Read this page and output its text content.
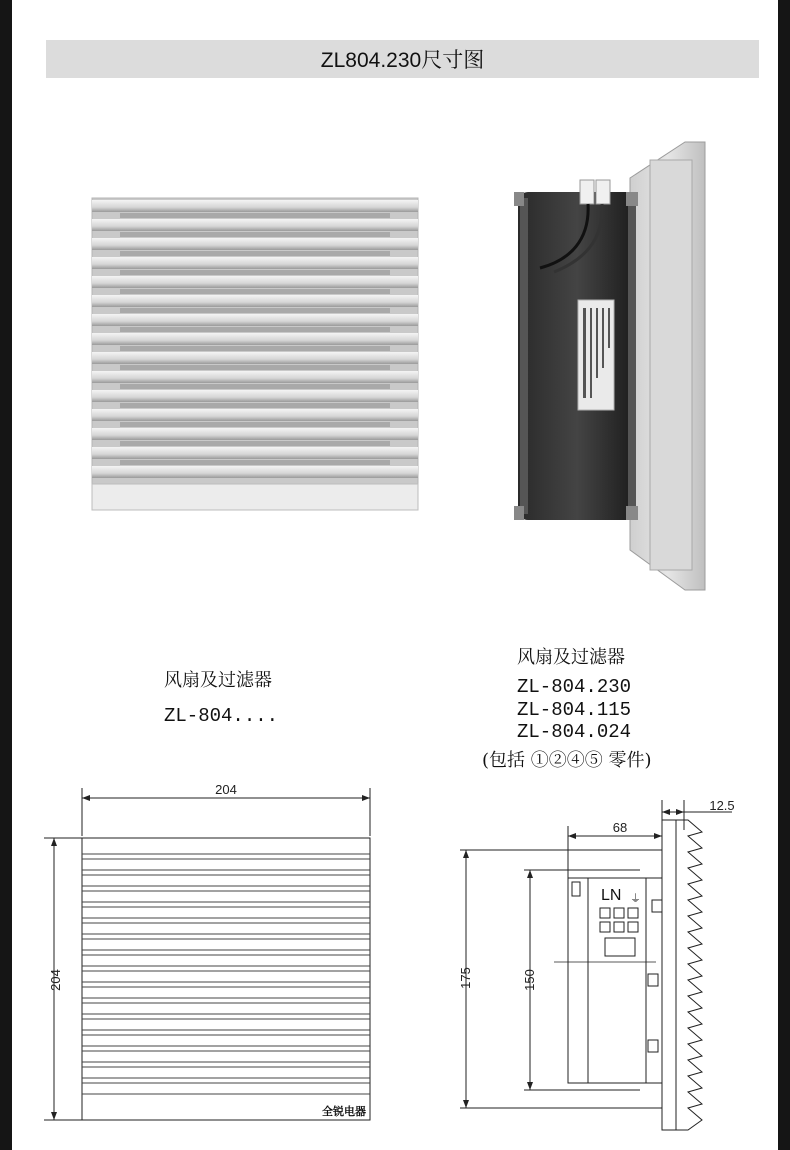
ZL804.230尺寸图
风扇及过滤器
ZL-804....
风扇及过滤器
ZL-804.230
ZL-804.115
ZL-804.024
(包括 ①②④⑤ 零件)
204
204
全锐电器
12.5
68
175	150
LN ⏚
